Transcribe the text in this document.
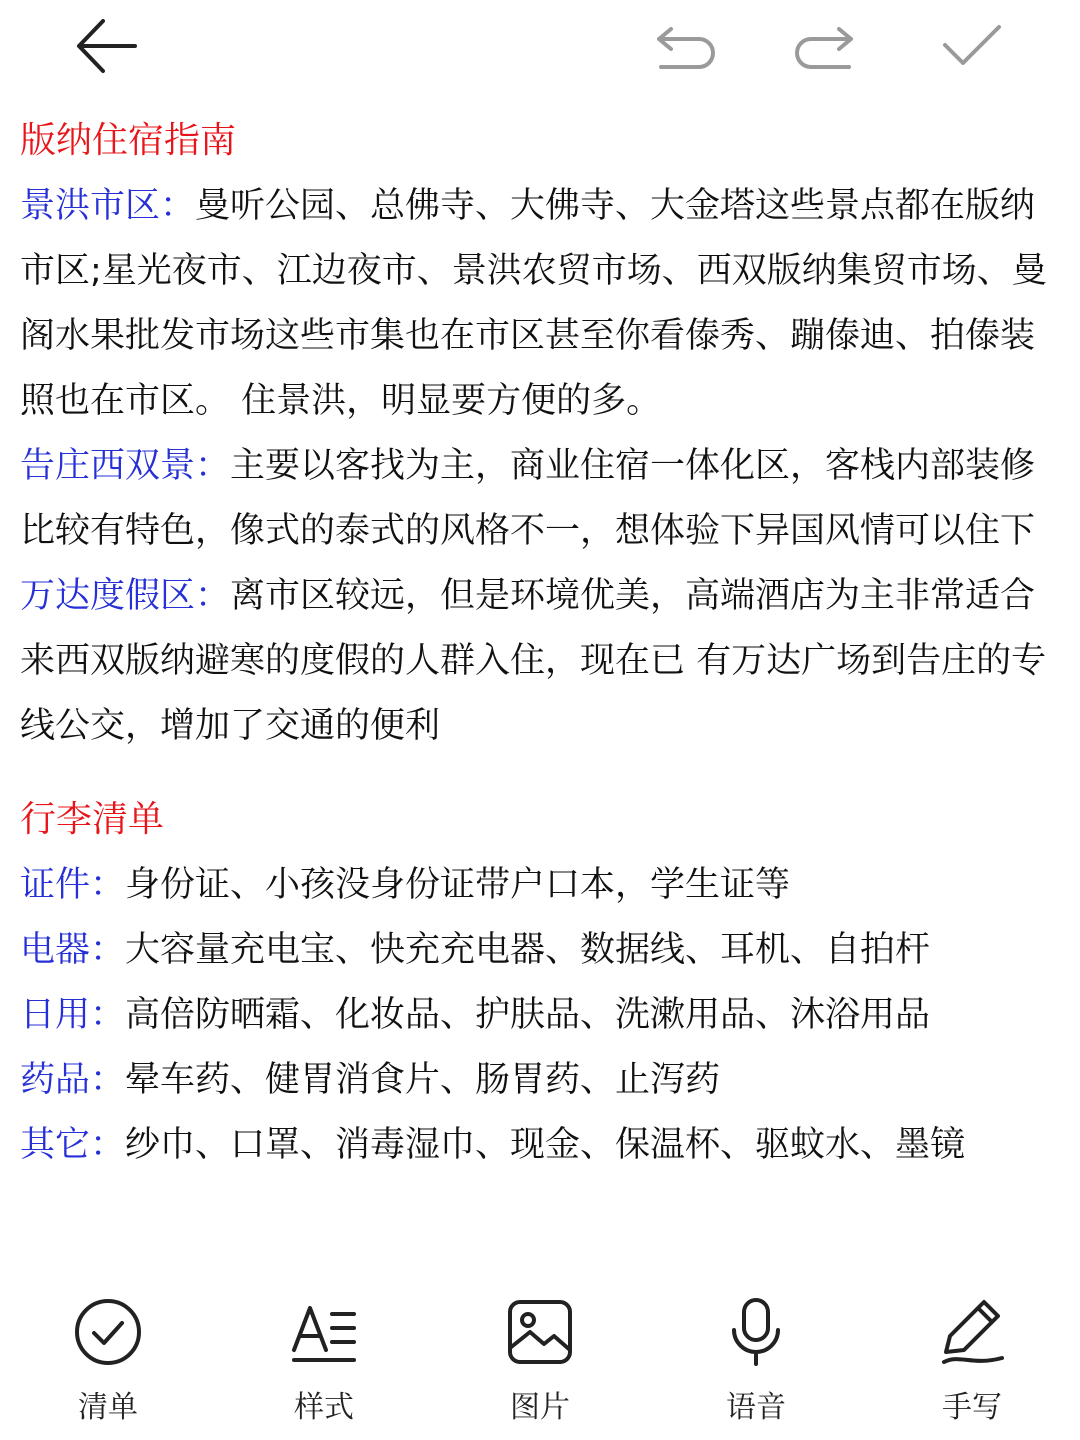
版纳住宿指南
景洪市区：曼听公园、总佛寺、大佛寺、大金塔这些景点都在版纳市区;星光夜市、江边夜市、景洪农贸市场、西双版纳集贸市场、曼阁水果批发市场这些市集也在市区甚至你看傣秀、蹦傣迪、拍傣装照也在市区。 住景洪，明显要方便的多。
告庄西双景：主要以客找为主，商业住宿一体化区，客栈内部装修比较有特色，像式的泰式的风格不一，想体验下异国风情可以住下
万达度假区：离市区较远，但是环境优美，高端酒店为主非常适合来西双版纳避寒的度假的人群入住，现在已 有万达广场到告庄的专线公交，增加了交通的便利
行李清单
证件：身份证、小孩没身份证带户口本，学生证等
电器：大容量充电宝、快充充电器、数据线、耳机、自拍杆
日用：高倍防晒霜、化妆品、护肤品、洗漱用品、沐浴用品
药品：晕车药、健胃消食片、肠胃药、止泻药
其它：纱巾、口罩、消毒湿巾、现金、保温杯、驱蚊水、墨镜
清单	样式	图片	语音	手写
